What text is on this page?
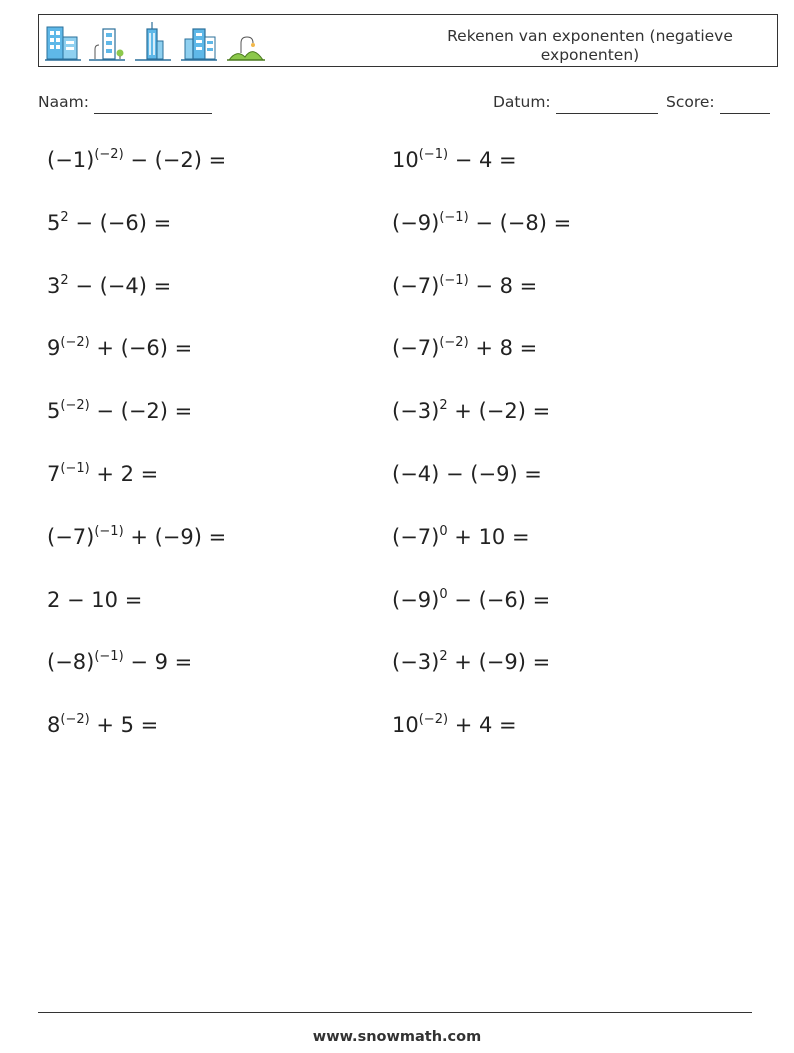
Rekenen van exponenten (negatieve exponenten)
Naam:	Datum:	Score:
$(-1)^{(-2)} - (-2)$ =	$10^{(-1)} - 4$ =
$5^2 - (-6)$ =	$(-9)^{(-1)} - (-8)$ =
$3^2 - (-4)$ =	$(-7)^{(-1)} - 8$ =
$9^{(-2)} + (-6)$ =	$(-7)^{(-2)} + 8$ =
$5^{(-2)} - (-2)$ =	$(-3)^2 + (-2)$ =
$7^{(-1)} + 2$ =	(−4) − (−9) =
$(-7)^{(-1)} + (-9)$ =	$(-7)^0 + 10$ =
2 − 10 =	$(-9)^0 - (-6)$ =
$(-8)^{(-1)} - 9$ =	$(-3)^2 + (-9)$ =
$8^{(-2)} + 5$ =	$10^{(-2)} + 4$ =
www.snowmath.com
